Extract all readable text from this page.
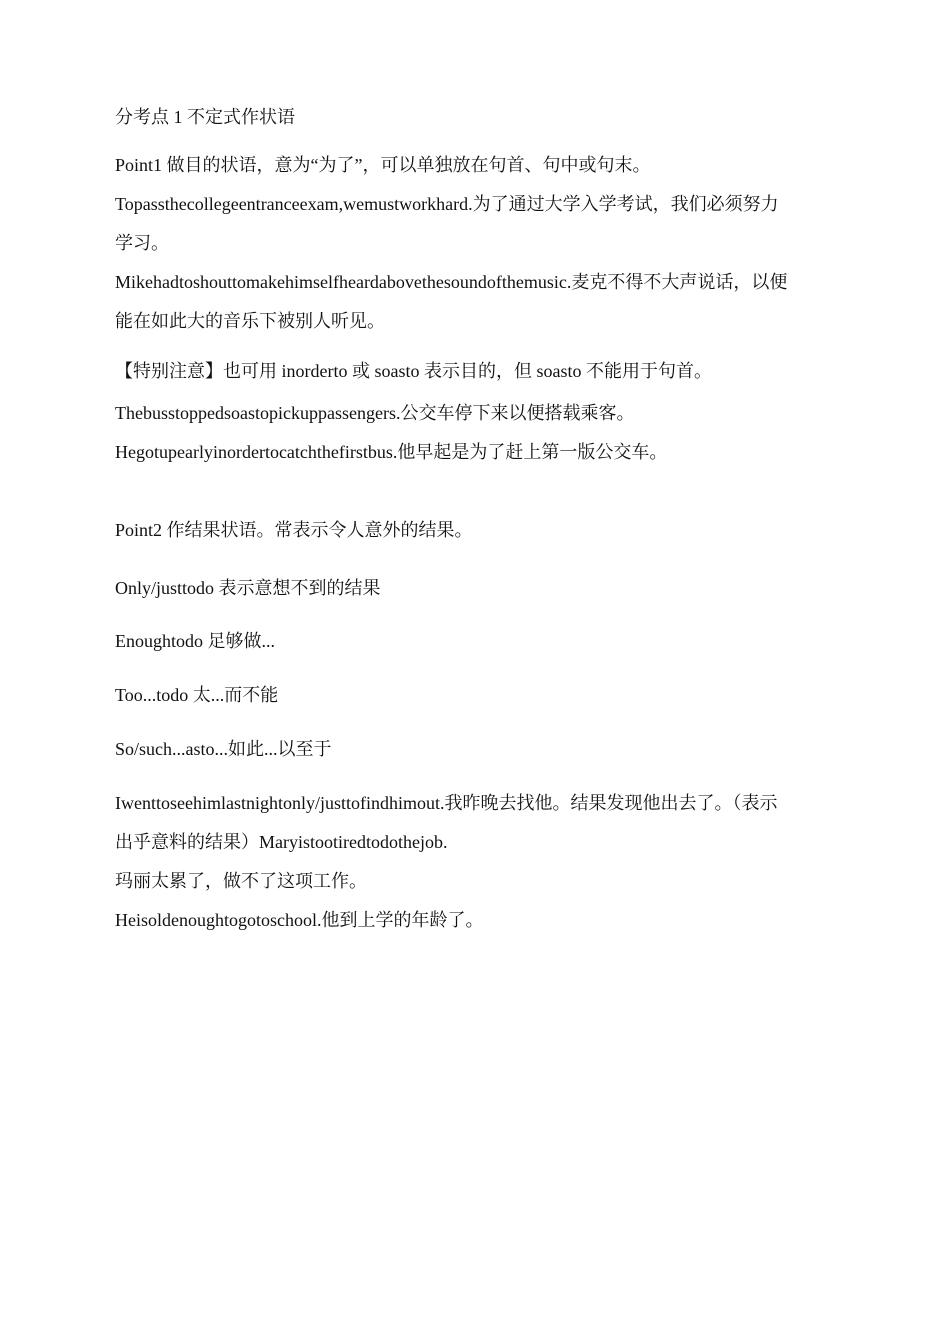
分考点 1 不定式作状语
Point1 做目的状语，意为“为了”，可以单独放在句首、句中或句末。
Topassthecollegeentranceexam,wemustworkhard.为了通过大学入学考试，我们必须努力
学习。
Mikehadtoshouttomakehimselfheardabovethesoundofthemusic.麦克不得不大声说话，以便
能在如此大的音乐下被别人听见。
【特别注意】也可用 inorderto 或 soasto 表示目的，但 soasto 不能用于句首。
Thebusstoppedsoastopickuppassengers.公交车停下来以便搭载乘客。
Hegotupearlyinordertocatchthefirstbus.他早起是为了赶上第一版公交车。
Point2 作结果状语。常表示令人意外的结果。
Only/justtodo 表示意想不到的结果
Enoughtodo 足够做...
Too...todo 太...而不能
So/such...asto...如此...以至于
Iwenttoseehimlastnightonly/justtofindhimout.我昨晚去找他。结果发现他出去了。（表示
出乎意料的结果）Maryistootiredtodothejob.
玛丽太累了，做不了这项工作。
Heisoldenoughtogotoschool.他到上学的年龄了。
